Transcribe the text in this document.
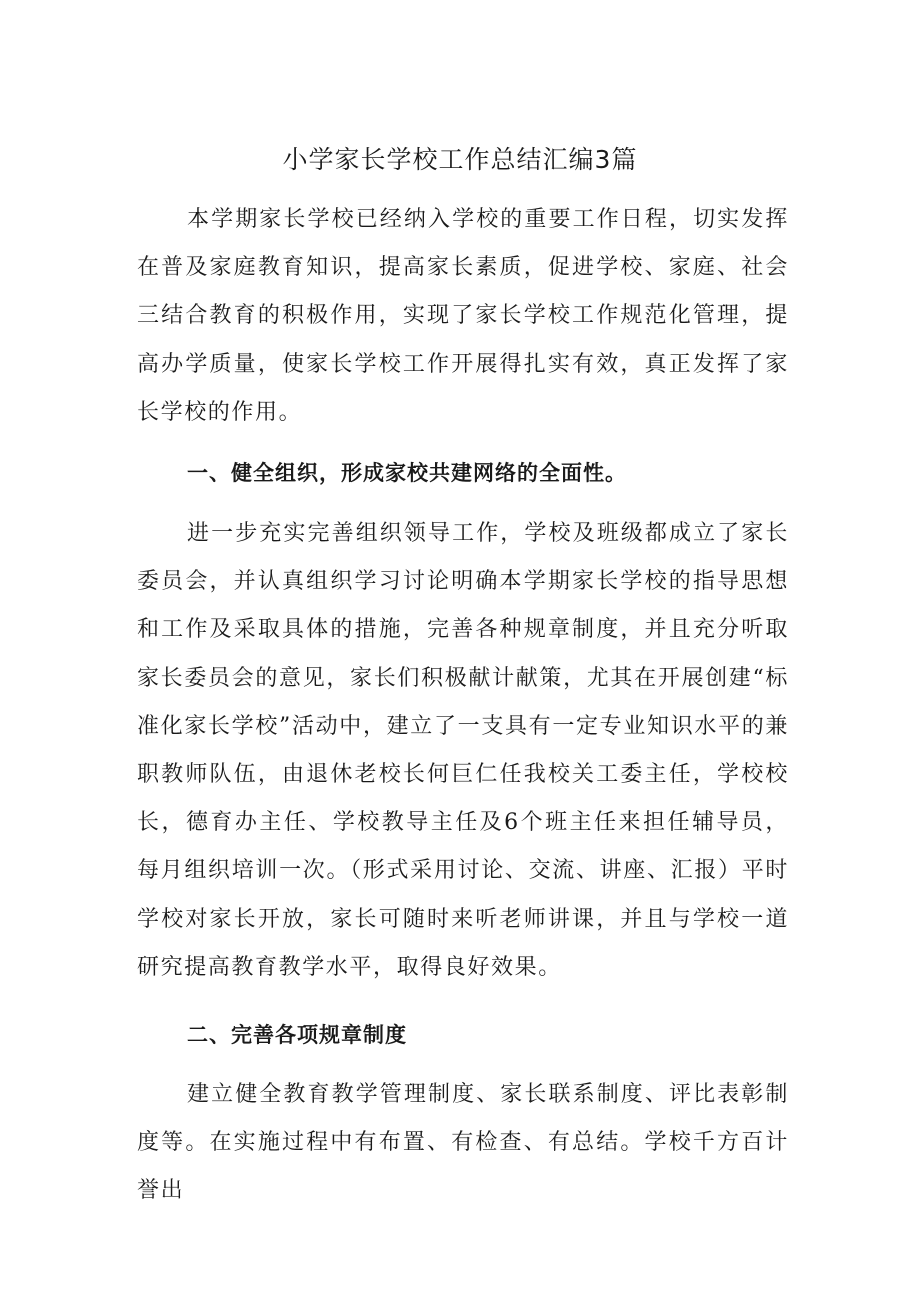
小学家长学校工作总结汇编3篇

本学期家长学校已经纳入学校的重要工作日程，切实发挥在普及家庭教育知识，提高家长素质，促进学校、家庭、社会三结合教育的积极作用，实现了家长学校工作规范化管理，提高办学质量，使家长学校工作开展得扎实有效，真正发挥了家长学校的作用。

一、健全组织，形成家校共建网络的全面性。

进一步充实完善组织领导工作，学校及班级都成立了家长委员会，并认真组织学习讨论明确本学期家长学校的指导思想和工作及采取具体的措施，完善各种规章制度，并且充分听取家长委员会的意见，家长们积极献计献策，尤其在开展创建“标准化家长学校”活动中，建立了一支具有一定专业知识水平的兼职教师队伍，由退休老校长何巨仁任我校关工委主任，学校校长，德育办主任、学校教导主任及6个班主任来担任辅导员，每月组织培训一次。（形式采用讨论、交流、讲座、汇报）平时学校对家长开放，家长可随时来听老师讲课，并且与学校一道研究提高教育教学水平，取得良好效果。

二、完善各项规章制度

建立健全教育教学管理制度、家长联系制度、评比表彰制度等。在实施过程中有布置、有检查、有总结。学校千方百计誉出
